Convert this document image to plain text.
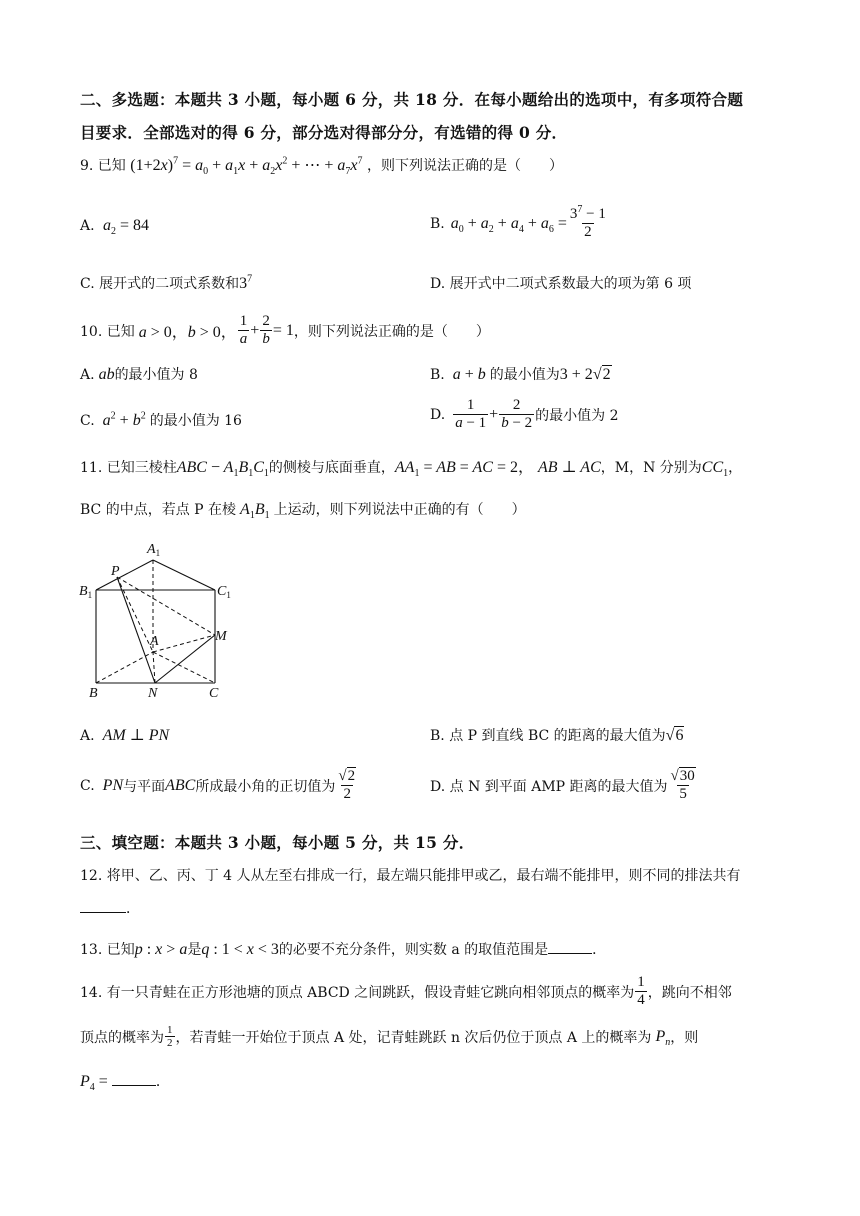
二、多选题：本题共 3 小题，每小题 6 分，共 18 分．在每小题给出的选项中，有多项符合题
目要求．全部选对的得 6 分，部分选对得部分分，有选错的得 0 分．
9. 已知 $(1+2x)^7 = a_0 + a_1x + a_2x^2$ + ⋯ + $a_7x^7$ ，则下列说法正确的是（　　）
A.  $a_2 = 84$	B. $a_0 + a_2 + a_4 + a_6 = \frac{3^7 - 1}{2}$
C. 展开式的二项式系数和$3^7$	D. 展开式中二项式系数最大的项为第 6 项
10. 已知 a > 0，b > 0， $\frac{1}{a} + \frac{2}{b} = 1$ ，则下列说法正确的是（　　）
A. ab的最小值为 8	B.  a + b 的最小值为3 + 2√2
C.  $a^2 + b^2$ 的最小值为 16	D. $\frac{1}{a - 1} + \frac{2}{b - 2}$ 的最小值为 2
11. 已知三棱柱ABC − $A_1B_1C_1$的侧棱与底面垂直，$AA_1$ = AB = AC = 2， AB ⊥ AC，M，N 分别为$CC_1$，
BC 的中点，若点 P 在棱 $A_1B_1$ 上运动，则下列说法中正确的有（　　）
$A_1$
$B_1$	$C_1$
P
A	M
B	N	C
A.  AM ⊥ PN	B. 点 P 到直线 BC 的距离的最大值为√6
C. PN 与平面 ABC 所成最小角的正切值为 $\frac{√2}{2}$	D. 点 N 到平面 AMP 距离的最大值为 $\frac{√30}{5}$
三、填空题：本题共 3 小题，每小题 5 分，共 15 分．
12. 将甲、乙、丙、丁 4 人从左至右排成一行，最左端只能排甲或乙，最右端不能排甲，则不同的排法共有
．
13. 已知p : x > a是q : 1 < x < 3的必要不充分条件，则实数 a 的取值范围是	．
14. 有一只青蛙在正方形池塘的顶点 ABCD 之间跳跃，假设青蛙它跳向相邻顶点的概率为 $\frac{1}{4}$ ，跳向不相邻
顶点的概率为 $\frac{1}{2}$ ，若青蛙一开始位于顶点 A 处，记青蛙跳跃 n 次后仍位于顶点 A 上的概率为 $P_n$ ，则
$P_4$ =	．
